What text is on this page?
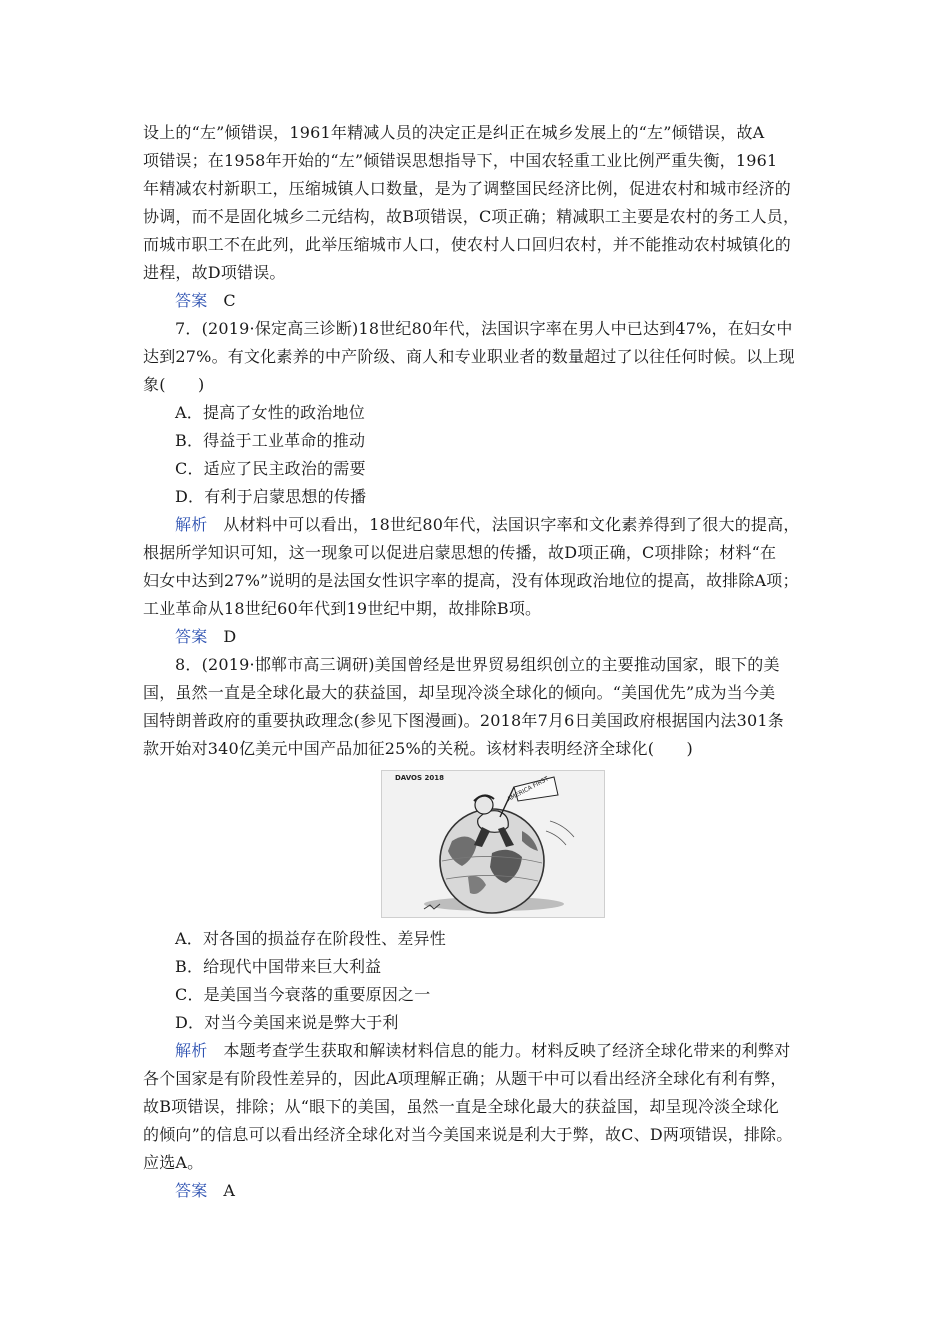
设上的“左”倾错误，1961年精减人员的决定正是纠正在城乡发展上的“左”倾错误，故A
项错误；在1958年开始的“左”倾错误思想指导下，中国农轻重工业比例严重失衡，1961
年精减农村新职工，压缩城镇人口数量，是为了调整国民经济比例，促进农村和城市经济的
协调，而不是固化城乡二元结构，故B项错误，C项正确；精减职工主要是农村的务工人员，
而城市职工不在此列，此举压缩城市人口，使农村人口回归农村，并不能推动农村城镇化的
进程，故D项错误。
答案 C
7．(2019·保定高三诊断)18世纪80年代，法国识字率在男人中已达到47%，在妇女中
达到27%。有文化素养的中产阶级、商人和专业职业者的数量超过了以往任何时候。以上现
象(　　)
A．提高了女性的政治地位
B．得益于工业革命的推动
C．适应了民主政治的需要
D．有利于启蒙思想的传播
解析 从材料中可以看出，18世纪80年代，法国识字率和文化素养得到了很大的提高，
根据所学知识可知，这一现象可以促进启蒙思想的传播，故D项正确，C项排除；材料“在
妇女中达到27%”说明的是法国女性识字率的提高，没有体现政治地位的提高，故排除A项；
工业革命从18世纪60年代到19世纪中期，故排除B项。
答案 D
8．(2019·邯郸市高三调研)美国曾经是世界贸易组织创立的主要推动国家，眼下的美
国，虽然一直是全球化最大的获益国，却呈现冷淡全球化的倾向。“美国优先”成为当今美
国特朗普政府的重要执政理念(参见下图漫画)。2018年7月6日美国政府根据国内法301条
款开始对340亿美元中国产品加征25%的关税。该材料表明经济全球化(　　)
DAVOS 2018	AMERICA FIRST
A．对各国的损益存在阶段性、差异性
B．给现代中国带来巨大利益
C．是美国当今衰落的重要原因之一
D．对当今美国来说是弊大于利
解析 本题考查学生获取和解读材料信息的能力。材料反映了经济全球化带来的利弊对
各个国家是有阶段性差异的，因此A项理解正确；从题干中可以看出经济全球化有利有弊，
故B项错误，排除；从“眼下的美国，虽然一直是全球化最大的获益国，却呈现冷淡全球化
的倾向”的信息可以看出经济全球化对当今美国来说是利大于弊，故C、D两项错误，排除。
应选A。
答案 A
